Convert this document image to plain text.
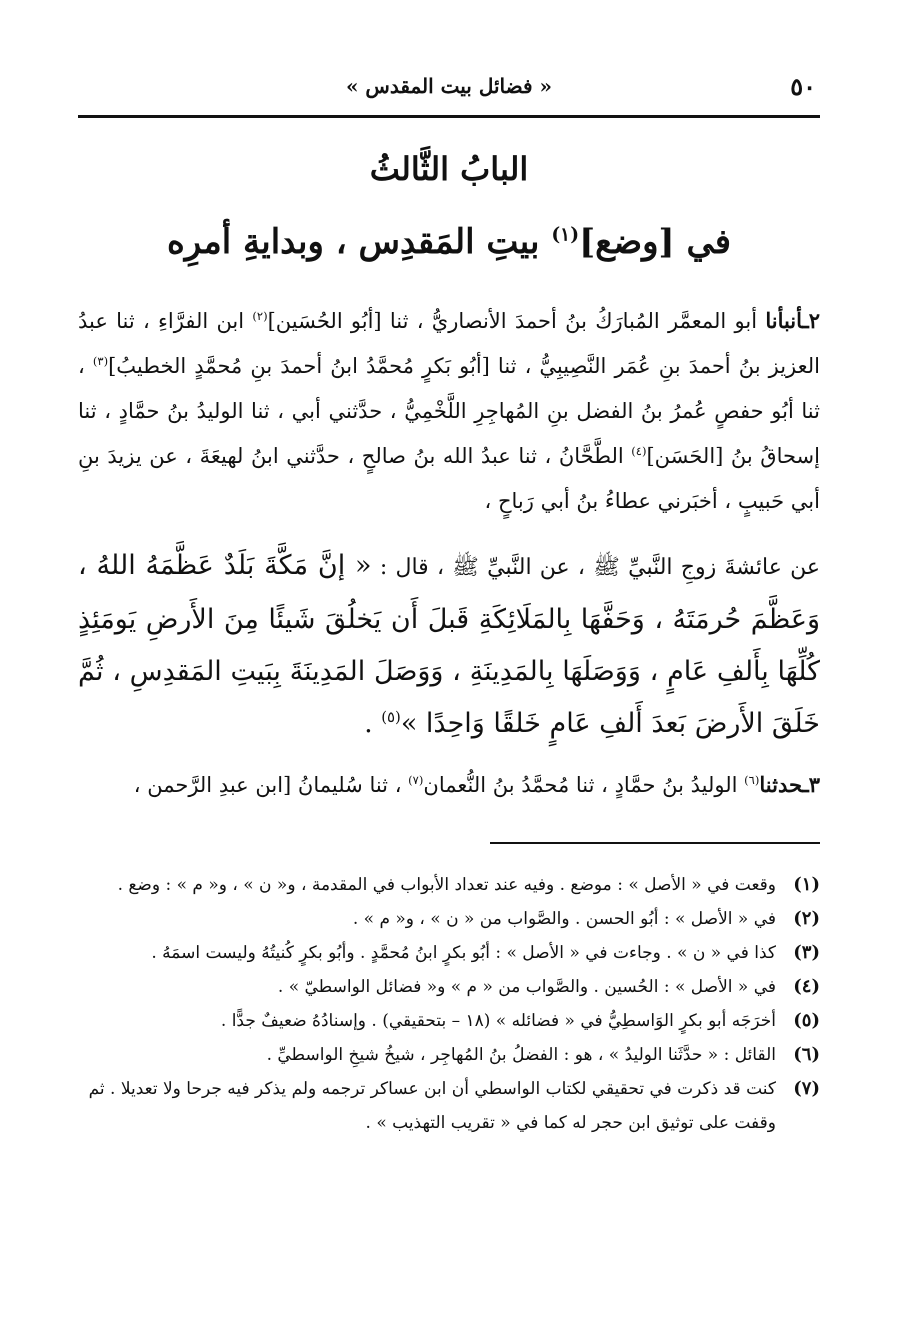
٥٠
« فضائل بيت المقدس »
البابُ الثَّالثُ
في [وضع]$^{(١)}$ بيتِ المَقدِس ، وبدايةِ أمرِه

٢ـأنبأنا أبو المعمَّر المُبارَكُ بنُ أحمدَ الأنصاريُّ ، ثنا [أبُو الحُسَين]$^{(٢)}$ ابن الفرَّاءِ ، ثنا عبدُ العزيز بنُ أحمدَ بنِ عُمَر النَّصِيبِيُّ ، ثنا [أبُو بَكرٍ مُحمَّدُ ابنُ أحمدَ بنِ مُحمَّدٍ الخطيبُ]$^{(٣)}$ ، ثنا أبُو حفصٍ عُمرُ بنُ الفضل بنِ المُهاجِرِ اللَّخْمِيُّ ، حدَّثني أبي ، ثنا الوليدُ بنُ حمَّادٍ ، ثنا إسحاقُ بنُ [الحَسَن]$^{(٤)}$ الطَّحَّانُ ، ثنا عبدُ الله بنُ صالحٍ ، حدَّثني ابنُ لهيعَةَ ، عن يزيدَ بنِ أبي حَبيبٍ ، أخبَرني عطاءُ بنُ أبي رَباحٍ ،

عن عائشةَ زوجِ النَّبيِّ ﷺ ، عن النَّبيِّ ﷺ ، قال : « إنَّ مَكَّةَ بَلَدٌ عَظَّمَهُ اللهُ ، وَعَظَّمَ حُرمَتَهُ ، وَحَفَّهَا بِالمَلَائِكَةِ قَبلَ أَن يَخلُقَ شَيئًا مِنَ الأَرضِ يَومَئِذٍ كُلِّهَا بِأَلفِ عَامٍ ، وَوَصَلَهَا بِالمَدِينَةِ ، وَوَصَلَ المَدِينَةَ بِبَيتِ المَقدِسِ ، ثُمَّ خَلَقَ الأَرضَ بَعدَ أَلفِ عَامٍ خَلقًا وَاحِدًا »$^{(٥)}$ .

٣ـحدثنا$^{(٦)}$ الوليدُ بنُ حمَّادٍ ، ثنا مُحمَّدُ بنُ النُّعمان$^{(٧)}$ ، ثنا سُليمانُ [ابن عبدِ الرَّحمن ،

(١)
وقعت في « الأصل » : موضع . وفيه عند تعداد الأبواب في المقدمة ، و« ن » ، و« م » : وضع .
(٢)
في « الأصل » : أبُو الحسن . والصَّواب من « ن » ، و« م » .
(٣)
كذا في « ن » . وجاءت في « الأصل » : أبُو بكرٍ ابنُ مُحمَّدٍ . وأبُو بكرٍ كُنيتُهُ وليست اسمَهُ .
(٤)
في « الأصل » : الحُسين . والصَّواب من « م » و« فضائل الواسطيّ » .
(٥)
أخرَجَه أبو بكرٍ الوَاسطِيُّ في « فضائله » (١٨ – بتحقيقي) . وإسنادُهُ ضعيفٌ جدًّا .
(٦)
القائل : « حدَّثَنا الوليدُ » ، هو : الفضلُ بنُ المُهاجِر ، شيخُ شيخِ الواسطيِّ .
(٧)
كنت قد ذكرت في تحقيقي لكتاب الواسطي أن ابن عساكر ترجمه ولم يذكر فيه جرحا ولا تعديلا . ثم وقفت على توثيق ابن حجر له كما في « تقريب التهذيب » .
